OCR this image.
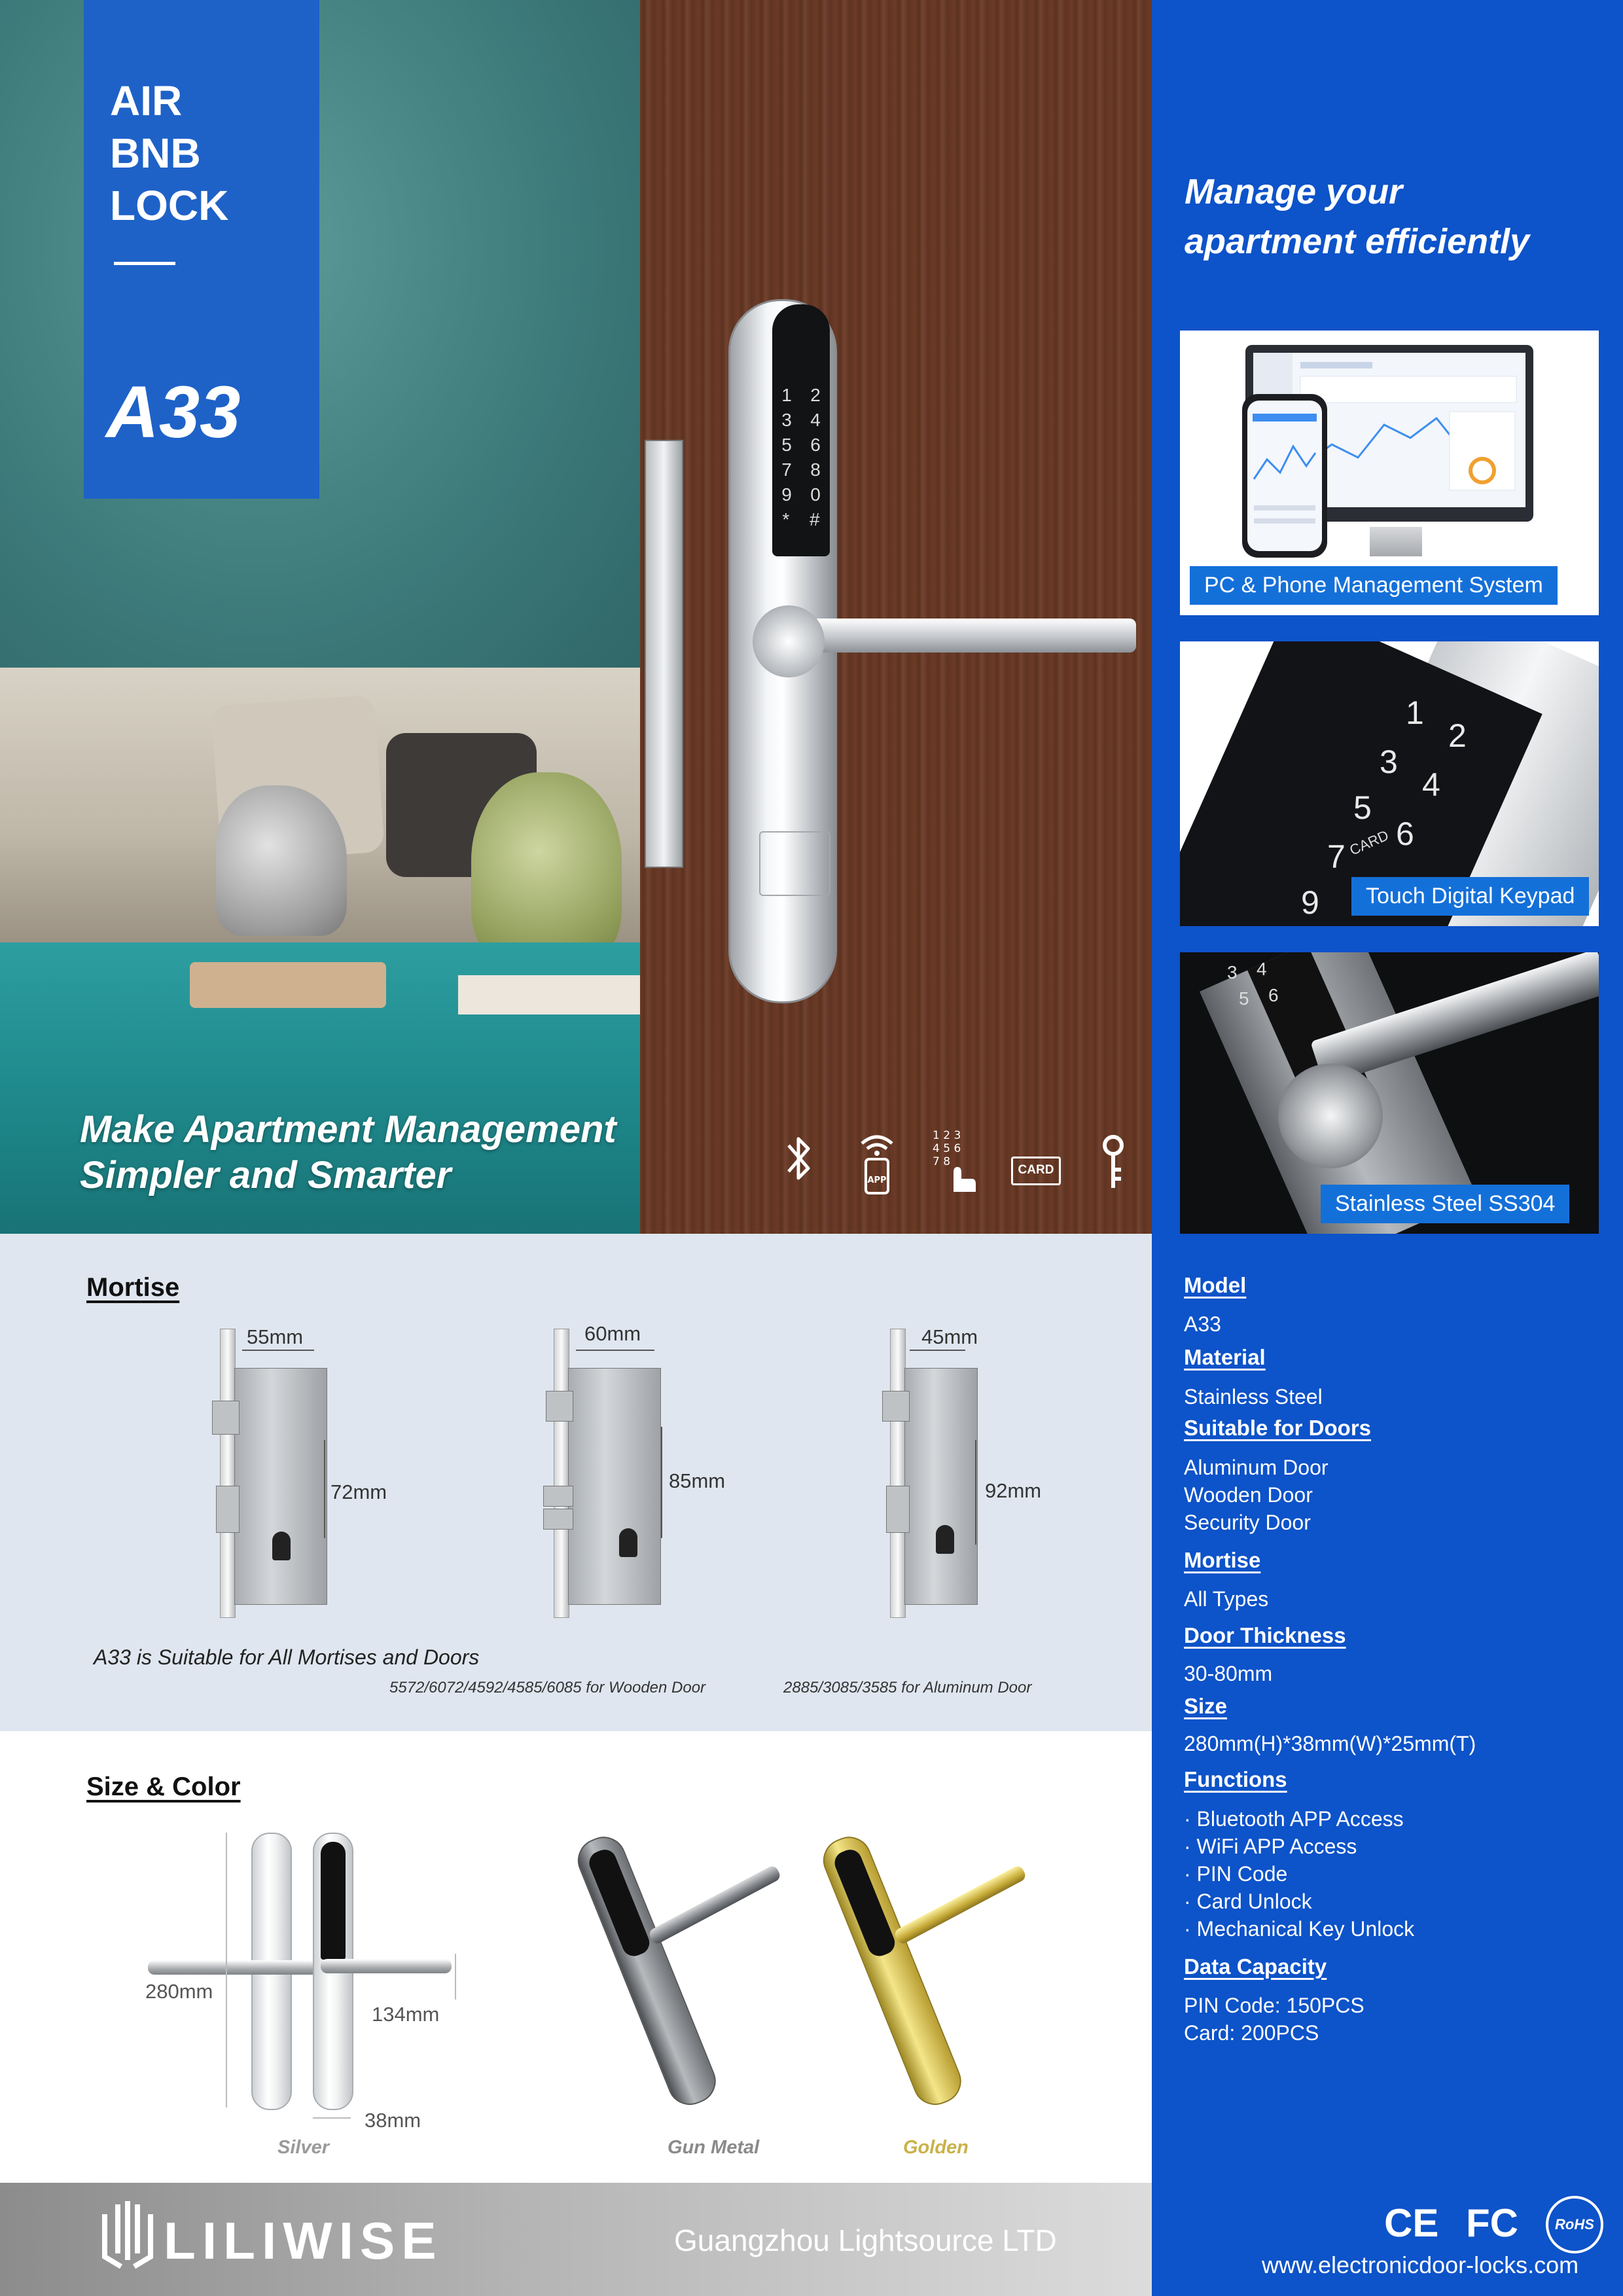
1 2
3 4
5 6
7 8
9 0
* #
AIR
BNB
LOCK
A33
Make Apartment Management
Simpler and Smarter	APP
1 2 3
4 5 6
7 8
CARD
Manage your
apartment efficiently
PC & Phone Management System
1
2
3
4
5
6
7 CARD
9	Touch Digital Keypad
3 4
5 6
Stainless Steel SS304
Model
A33
Material
Stainless Steel
Suitable for Doors
Aluminum Door
Wooden Door
Security Door
Mortise
All Types
Door Thickness
30-80mm
Size
280mm(H)*38mm(W)*25mm(T)
Functions
· Bluetooth APP Access
· WiFi APP Access
· PIN Code
· Card Unlock
· Mechanical Key Unlock
Data Capacity
PIN Code: 150PCS
Card: 200PCS
Mortise
55mm
72mm
60mm
85mm
45mm
92mm
A33 is Suitable for All Mortises and Doors
5572/6072/4592/4585/6085 for Wooden Door	2885/3085/3585 for Aluminum Door
Size & Color
280mm
134mm
38mm
Silver	Gun Metal	Golden
LILIWISE	Guangzhou Lightsource LTD	CE FC	RoHS
www.electronicdoor-locks.com
